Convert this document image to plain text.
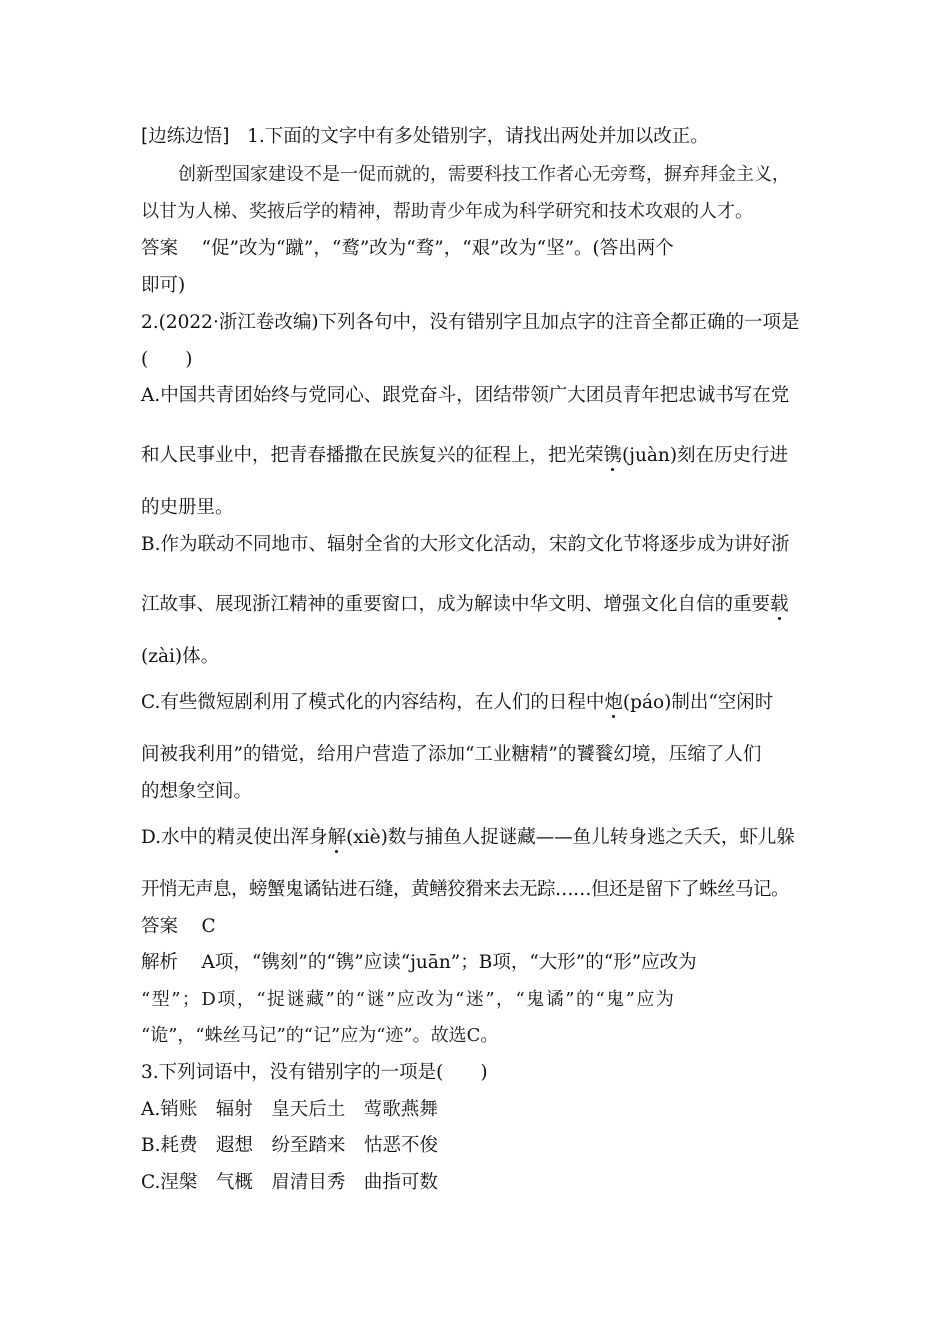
[边练边悟] 1.下面的文字中有多处错别字，请找出两处并加以改正。
创新型国家建设不是一促而就的，需要科技工作者心无旁骛，摒弃拜金主义，
以甘为人梯、奖掖后学的精神，帮助青少年成为科学研究和技术攻艰的人才。
答案 “促”改为“蹴”，“鹜”改为“骛”，“艰”改为“坚”。(答出两个
即可)
2.(2022·浙江卷改编)下列各句中，没有错别字且加点字的注音全都正确的一项是
(　　)
A.中国共青团始终与党同心、跟党奋斗，团结带领广大团员青年把忠诚书写在党
和人民事业中，把青春播撒在民族复兴的征程上，把光荣镌(juàn)刻在历史行进
的史册里。
B.作为联动不同地市、辐射全省的大形文化活动，宋韵文化节将逐步成为讲好浙
江故事、展现浙江精神的重要窗口，成为解读中华文明、增强文化自信的重要载
(zài)体。
C.有些微短剧利用了模式化的内容结构，在人们的日程中炮(páo)制出“空闲时
间被我利用”的错觉，给用户营造了添加“工业糖精”的饕餮幻境，压缩了人们
的想象空间。
D.水中的精灵使出浑身解(xiè)数与捕鱼人捉谜藏——鱼儿转身逃之夭夭，虾儿躲
开悄无声息，螃蟹鬼谲钻进石缝，黄鳝狡猾来去无踪……但还是留下了蛛丝马记。
答案 C
解析 A项，“镌刻”的“镌”应读“juān”；B项，“大形”的“形”应改为
“型”；D项，“捉谜藏”的“谜”应改为“迷”，“鬼谲”的“鬼”应为
“诡”，“蛛丝马记”的“记”应为“迹”。故选C。
3.下列词语中，没有错别字的一项是(　　)
A.销账　辐射　皇天后土　莺歌燕舞
B.耗费　遐想　纷至踏来　怙恶不俊
C.涅槃　气概　眉清目秀　曲指可数
